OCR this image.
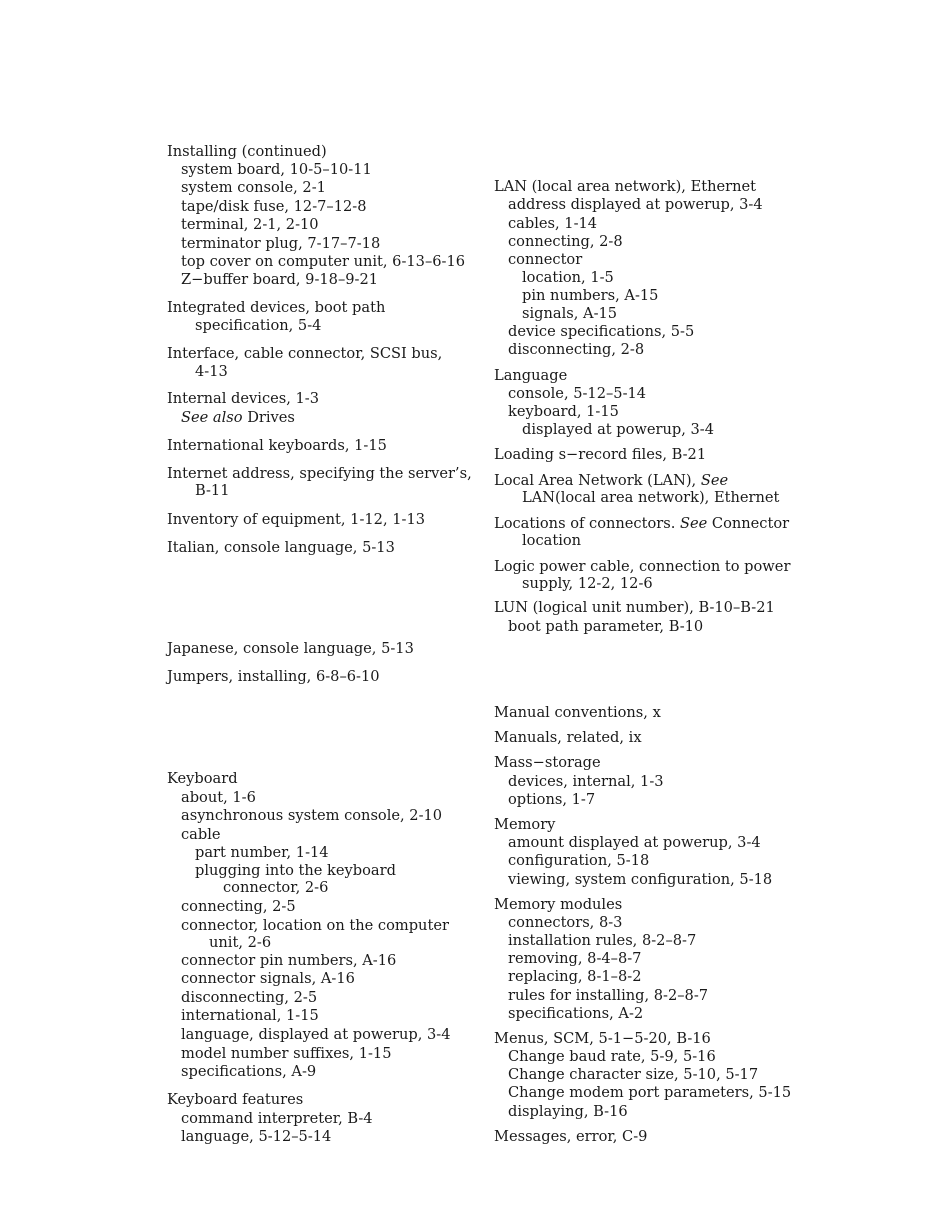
Installing (continued)
system board, 10-5–10-11
system console, 2-1
tape/disk fuse, 12-7–12-8
terminal, 2-1, 2-10
terminator plug, 7-17–7-18
top cover on computer unit, 6-13–6-16
Z−buffer board, 9-18–9-21
Integrated devices, boot path
specification, 5-4
Interface, cable connector, SCSI bus,
4-13
Internal devices, 1-3
See also Drives
International keyboards, 1-15
Internet address, specifying the server’s,
B-11
Inventory of equipment, 1-12, 1-13
Italian, console language, 5-13
Japanese, console language, 5-13
Jumpers, installing, 6-8–6-10
Keyboard
about, 1-6
asynchronous system console, 2-10
cable
part number, 1-14
plugging into the keyboard
connector, 2-6
connecting, 2-5
connector, location on the computer
unit, 2-6
connector pin numbers, A-16
connector signals, A-16
disconnecting, 2-5
international, 1-15
language, displayed at powerup, 3-4
model number suffixes, 1-15
specifications, A-9
Keyboard features
command interpreter, B-4
language, 5-12–5-14
LAN (local area network), Ethernet
address displayed at powerup, 3-4
cables, 1-14
connecting, 2-8
connector
location, 1-5
pin numbers, A-15
signals, A-15
device specifications, 5-5
disconnecting, 2-8
Language
console, 5-12–5-14
keyboard, 1-15
displayed at powerup, 3-4
Loading s−record files, B-21
Local Area Network (LAN), See
LAN(local area network), Ethernet
Locations of connectors. See Connector
location
Logic power cable, connection to power
supply, 12-2, 12-6
LUN (logical unit number), B-10–B-21
boot path parameter, B-10
Manual conventions, x
Manuals, related, ix
Mass−storage
devices, internal, 1-3
options, 1-7
Memory
amount displayed at powerup, 3-4
configuration, 5-18
viewing, system configuration, 5-18
Memory modules
connectors, 8-3
installation rules, 8-2–8-7
removing, 8-4–8-7
replacing, 8-1–8-2
rules for installing, 8-2–8-7
specifications, A-2
Menus, SCM, 5-1−5-20, B-16
Change baud rate, 5-9, 5-16
Change character size, 5-10, 5-17
Change modem port parameters, 5-15
displaying, B-16
Messages, error, C-9
